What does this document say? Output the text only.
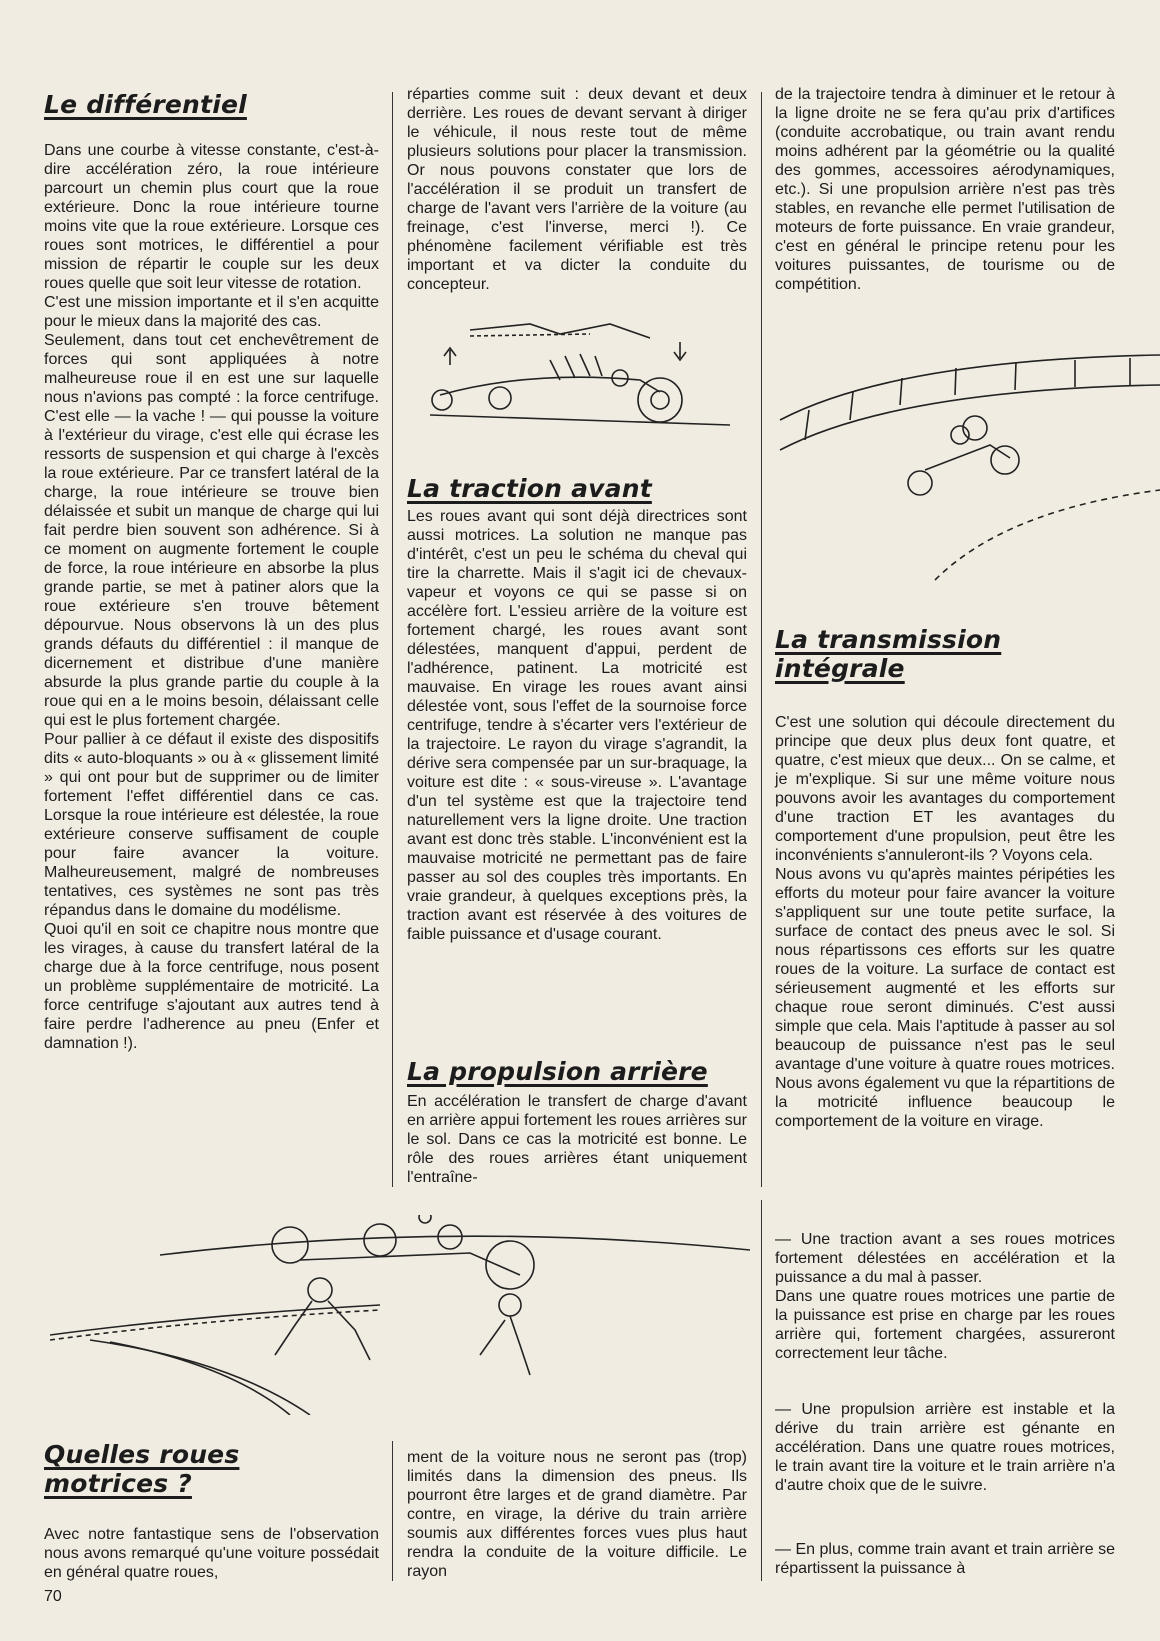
Le différentiel

Dans une courbe à vitesse constante, c'est-à-dire accélération zéro, la roue intérieure parcourt un chemin plus court que la roue extérieure. Donc la roue intérieure tourne moins vite que la roue extérieure. Lorsque ces roues sont motrices, le différentiel a pour mission de répartir le couple sur les deux roues quelle que soit leur vitesse de rotation.

C'est une mission importante et il s'en acquitte pour le mieux dans la majorité des cas.

Seulement, dans tout cet enchevêtrement de forces qui sont appliquées à notre malheureuse roue il en est une sur laquelle nous n'avions pas compté : la force centrifuge. C'est elle — la vache ! — qui pousse la voiture à l'extérieur du virage, c'est elle qui écrase les ressorts de suspension et qui charge à l'excès la roue extérieure. Par ce transfert latéral de la charge, la roue intérieure se trouve bien délaissée et subit un manque de charge qui lui fait perdre bien souvent son adhérence. Si à ce moment on augmente fortement le couple de force, la roue intérieure en absorbe la plus grande partie, se met à patiner alors que la roue extérieure s'en trouve bêtement dépourvue. Nous observons là un des plus grands défauts du différentiel : il manque de dicernement et distribue d'une manière absurde la plus grande partie du couple à la roue qui en a le moins besoin, délaissant celle qui est le plus fortement chargée.

Pour pallier à ce défaut il existe des dispositifs dits « auto-bloquants » ou à « glissement limité » qui ont pour but de supprimer ou de limiter fortement l'effet différentiel dans ce cas. Lorsque la roue intérieure est délestée, la roue extérieure conserve suffisament de couple pour faire avancer la voiture. Malheureusement, malgré de nombreuses tentatives, ces systèmes ne sont pas très répandus dans le domaine du modélisme.

Quoi qu'il en soit ce chapitre nous montre que les virages, à cause du transfert latéral de la charge due à la force centrifuge, nous posent un problème supplémentaire de motricité. La force centrifuge s'ajoutant aux autres tend à faire perdre l'adherence au pneu (Enfer et damnation !).

Quelles roues motrices ?

Avec notre fantastique sens de l'observation nous avons remarqué qu'une voiture possédait en général quatre roues,

réparties comme suit : deux devant et deux derrière. Les roues de devant servant à diriger le véhicule, il nous reste tout de même plusieurs solutions pour placer la transmission. Or nous pouvons constater que lors de l'accélération il se produit un transfert de charge de l'avant vers l'arrière de la voiture (au freinage, c'est l'inverse, merci !). Ce phénomène facilement vérifiable est très important et va dicter la conduite du concepteur.

La traction avant

Les roues avant qui sont déjà directrices sont aussi motrices. La solution ne manque pas d'intérêt, c'est un peu le schéma du cheval qui tire la charrette. Mais il s'agit ici de chevaux-vapeur et voyons ce qui se passe si on accélère fort. L'essieu arrière de la voiture est fortement chargé, les roues avant sont délestées, manquent d'appui, perdent de l'adhérence, patinent. La motricité est mauvaise. En virage les roues avant ainsi délestée vont, sous l'effet de la sournoise force centrifuge, tendre à s'écarter vers l'extérieur de la trajectoire. Le rayon du virage s'agrandit, la dérive sera compensée par un sur-braquage, la voiture est dite : « sous-vireuse ». L'avantage d'un tel système est que la trajectoire tend naturellement vers la ligne droite. Une traction avant est donc très stable. L'inconvénient est la mauvaise motricité ne permettant pas de faire passer au sol des couples très importants. En vraie grandeur, à quelques exceptions près, la traction avant est réservée à des voitures de faible puissance et d'usage courant.

La propulsion arrière

En accélération le transfert de charge d'avant en arrière appui fortement les roues arrières sur le sol. Dans ce cas la motricité est bonne. Le rôle des roues arrières étant uniquement l'entraîne-

ment de la voiture nous ne seront pas (trop) limités dans la dimension des pneus. Ils pourront être larges et de grand diamètre. Par contre, en virage, la dérive du train arrière soumis aux différentes forces vues plus haut rendra la conduite de la voiture difficile. Le rayon

de la trajectoire tendra à diminuer et le retour à la ligne droite ne se fera qu'au prix d'artifices (conduite accrobatique, ou train avant rendu moins adhérent par la géométrie ou la qualité des gommes, accessoires aérodynamiques, etc.). Si une propulsion arrière n'est pas très stables, en revanche elle permet l'utilisation de moteurs de forte puissance. En vraie grandeur, c'est en général le principe retenu pour les voitures puissantes, de tourisme ou de compétition.

La transmission intégrale

C'est une solution qui découle directement du principe que deux plus deux font quatre, et quatre, c'est mieux que deux... On se calme, et je m'explique. Si sur une même voiture nous pouvons avoir les avantages du comportement d'une traction ET les avantages du comportement d'une propulsion, peut être les inconvénients s'annuleront-ils ? Voyons cela.

Nous avons vu qu'après maintes péripéties les efforts du moteur pour faire avancer la voiture s'appliquent sur une toute petite surface, la surface de contact des pneus avec le sol. Si nous répartissons ces efforts sur les quatre roues de la voiture. La surface de contact est sérieusement augmenté et les efforts sur chaque roue seront diminués. C'est aussi simple que cela. Mais l'aptitude à passer au sol beaucoup de puissance n'est pas le seul avantage d'une voiture à quatre roues motrices. Nous avons également vu que la répartitions de la motricité influence beaucoup le comportement de la voiture en virage.

— Une traction avant a ses roues motrices fortement délestées en accélération et la puissance a du mal à passer.

Dans une quatre roues motrices une partie de la puissance est prise en charge par les roues arrière qui, fortement chargées, assureront correctement leur tâche.

— Une propulsion arrière est instable et la dérive du train arrière est génante en accélération. Dans une quatre roues motrices, le train avant tire la voiture et le train arrière n'a d'autre choix que de le suivre.

— En plus, comme train avant et train arrière se répartissent la puissance à

70
